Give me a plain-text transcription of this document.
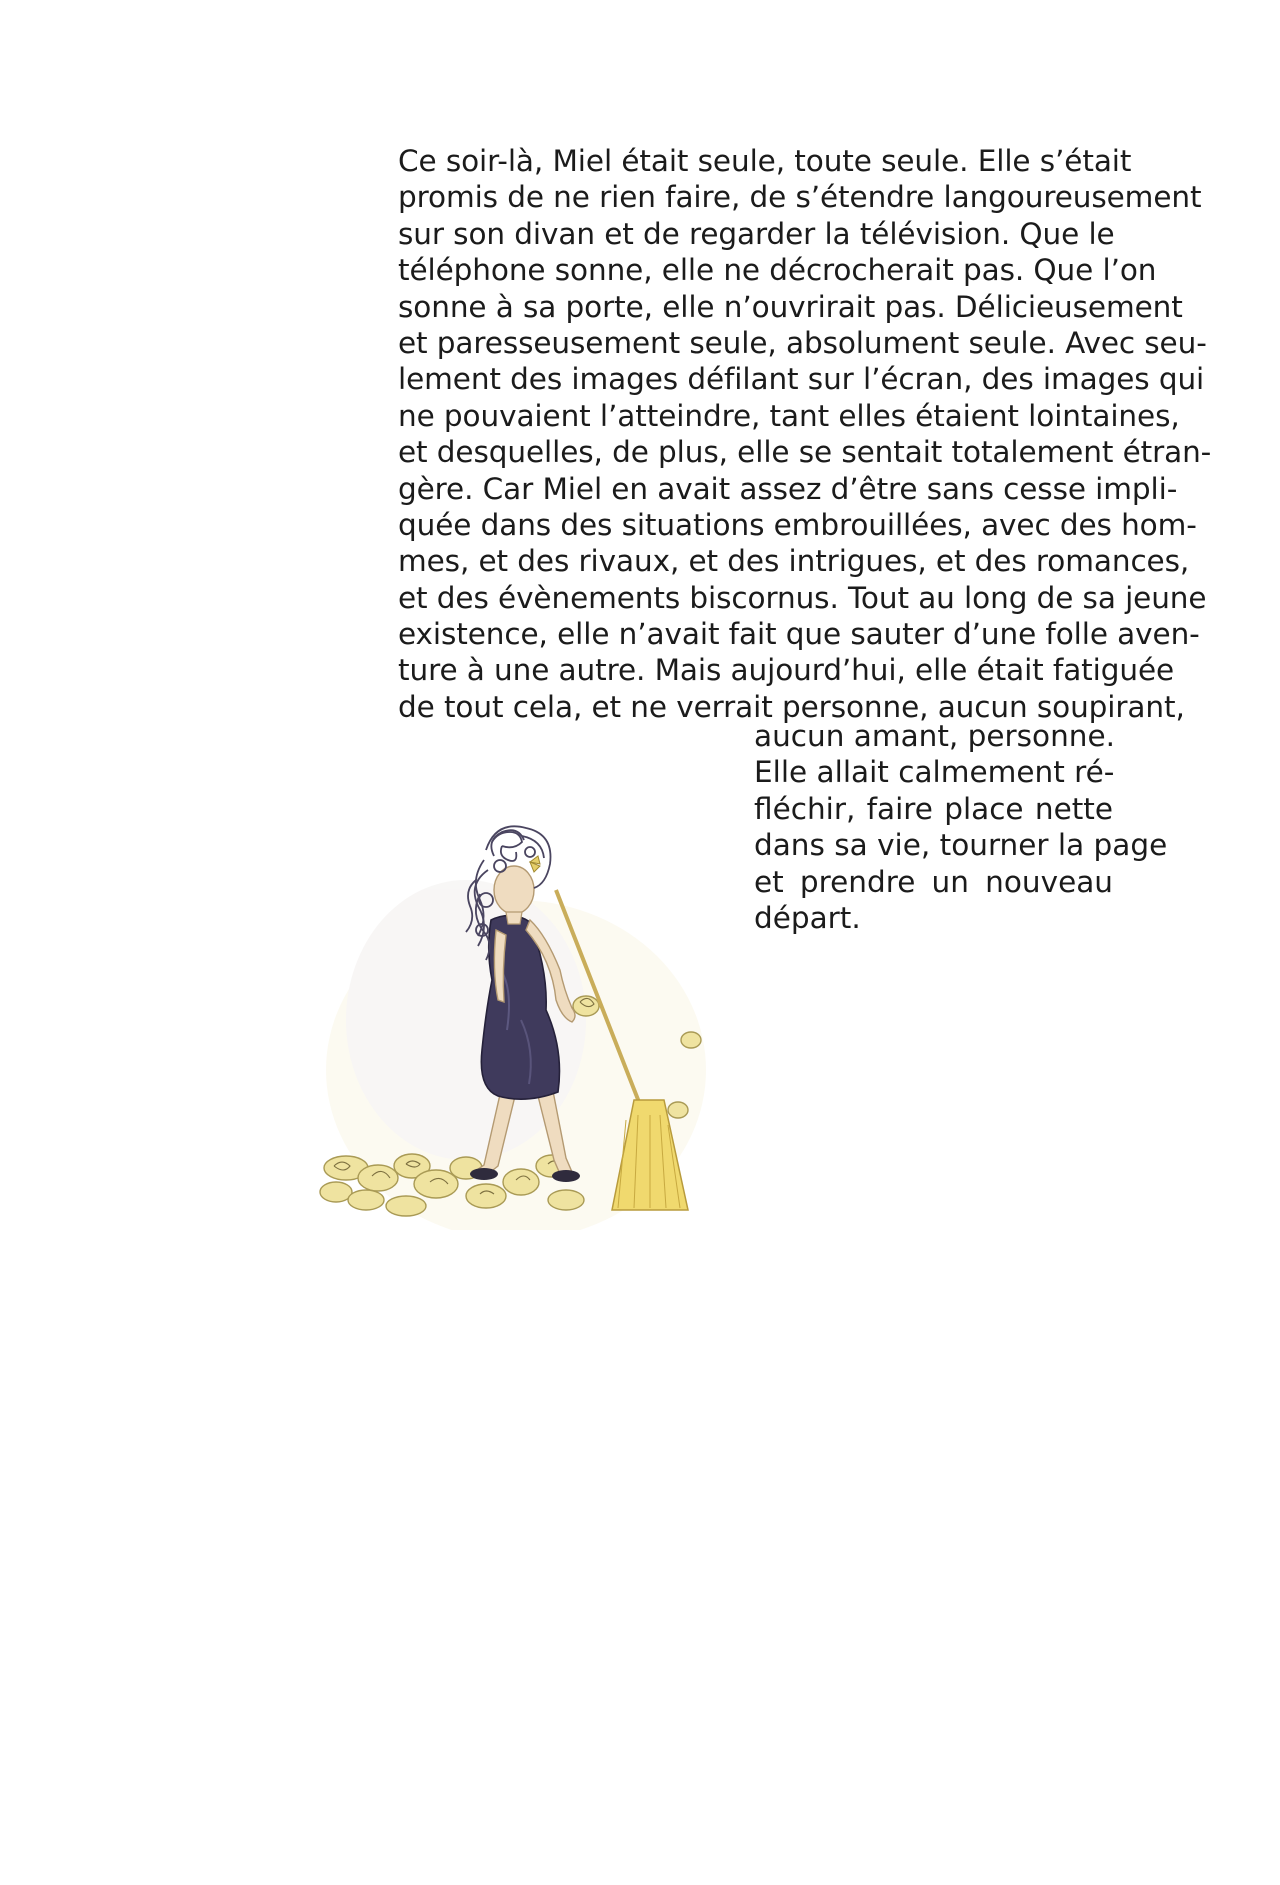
Ce soir-là, Miel était seule, toute seule. Elle s’était
promis de ne rien faire, de s’étendre langoureusement
sur son divan et de regarder la télévision. Que le
téléphone sonne, elle ne décrocherait pas. Que l’on
sonne à sa porte, elle n’ouvrirait pas. Délicieusement
et paresseusement seule, absolument seule. Avec seu-
lement des images défilant sur l’écran, des images qui
ne pouvaient l’atteindre, tant elles étaient lointaines,
et desquelles, de plus, elle se sentait totalement étran-
gère. Car Miel en avait assez d’être sans cesse impli-
quée dans des situations embrouillées, avec des hom-
mes, et des rivaux, et des intrigues, et des romances,
et des évènements biscornus. Tout au long de sa jeune
existence, elle n’avait fait que sauter d’une folle aven-
ture à une autre. Mais aujourd’hui, elle était fatiguée
de tout cela, et ne verrait personne, aucun soupirant,
aucun amant, personne.
Elle allait calmement ré-
fléchir, faire place nette
dans sa vie, tourner la page
et prendre un nouveau
départ.
